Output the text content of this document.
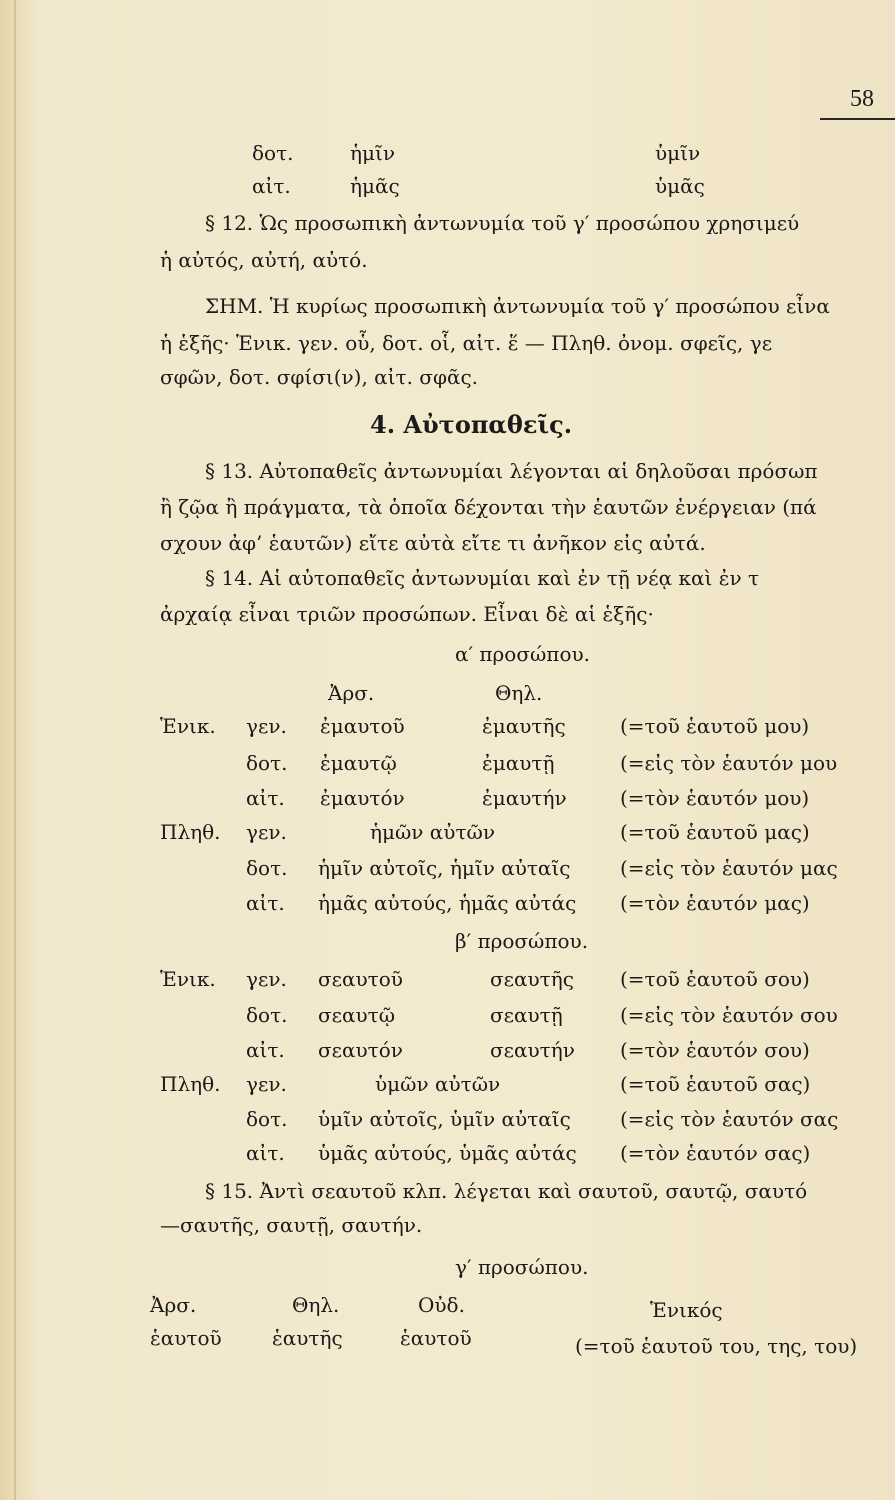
58
δοτ.	ἡμῖν	ὑμῖν
αἰτ.	ἡμᾶς	ὑμᾶς
§ 12. Ὡς προσωπικὴ ἀντωνυμία τοῦ γ′ προσώπου χρησιμεύ
ἡ αὐτός, αὐτή, αὐτό.
ΣΗΜ. Ἡ κυρίως προσωπικὴ ἀντωνυμία τοῦ γ′ προσώπου εἶνα
ἡ ἑξῆς· Ἑνικ. γεν. οὗ, δοτ. οἷ, αἰτ. ἕ — Πληθ. ὀνομ. σφεῖς, γε
σφῶν, δοτ. σφίσι(ν), αἰτ. σφᾶς.
4. Αὐτοπαθεῖς.
§ 13. Αὐτοπαθεῖς ἀντωνυμίαι λέγονται αἱ δηλοῦσαι πρόσωπ
ἢ ζῷα ἢ πράγματα, τὰ ὁποῖα δέχονται τὴν ἑαυτῶν ἐνέργειαν (πά
σχουν ἀφ’ ἑαυτῶν) εἴτε αὐτὰ εἴτε τι ἀνῆκον εἰς αὐτά.
§ 14. Αἱ αὐτοπαθεῖς ἀντωνυμίαι καὶ ἐν τῇ νέᾳ καὶ ἐν τ
ἀρχαίᾳ εἶναι τριῶν προσώπων. Εἶναι δὲ αἱ ἑξῆς·
α′ προσώπου.
Ἀρσ.	Θηλ.
Ἑνικ. γεν. ἐμαυτοῦ	ἐμαυτῆς	(=τοῦ ἑαυτοῦ μου)
δοτ. ἐμαυτῷ	ἐμαυτῇ	(=εἰς τὸν ἑαυτόν μου
αἰτ. ἐμαυτόν	ἐμαυτήν	(=τὸν ἑαυτόν μου)
Πληθ. γεν.	ἡμῶν αὐτῶν	(=τοῦ ἑαυτοῦ μας)
δοτ. ἡμῖν αὐτοῖς, ἡμῖν αὐταῖς (=εἰς τὸν ἑαυτόν μας
αἰτ. ἡμᾶς αὐτούς, ἡμᾶς αὐτάς (=τὸν ἑαυτόν μας)
β′ προσώπου.
Ἑνικ. γεν. σεαυτοῦ	σεαυτῆς (=τοῦ ἑαυτοῦ σου)
δοτ. σεαυτῷ	σεαυτῇ	(=εἰς τὸν ἑαυτόν σου
αἰτ. σεαυτόν	σεαυτήν (=τὸν ἑαυτόν σου)
Πληθ. γεν.	ὑμῶν αὐτῶν	(=τοῦ ἑαυτοῦ σας)
δοτ. ὑμῖν αὐτοῖς, ὑμῖν αὐταῖς (=εἰς τὸν ἑαυτόν σας
αἰτ. ὑμᾶς αὐτούς, ὑμᾶς αὐτάς (=τὸν ἑαυτόν σας)
§ 15. Ἀντὶ σεαυτοῦ κλπ. λέγεται καὶ σαυτοῦ, σαυτῷ, σαυτό
—σαυτῆς, σαυτῇ, σαυτήν.
γ′ προσώπου.
Ἀρσ.	Θηλ.	Οὐδ.	Ἑνικός
ἑαυτοῦ	ἑαυτῆς	ἑαυτοῦ	(=τοῦ ἑαυτοῦ του, της, του)
